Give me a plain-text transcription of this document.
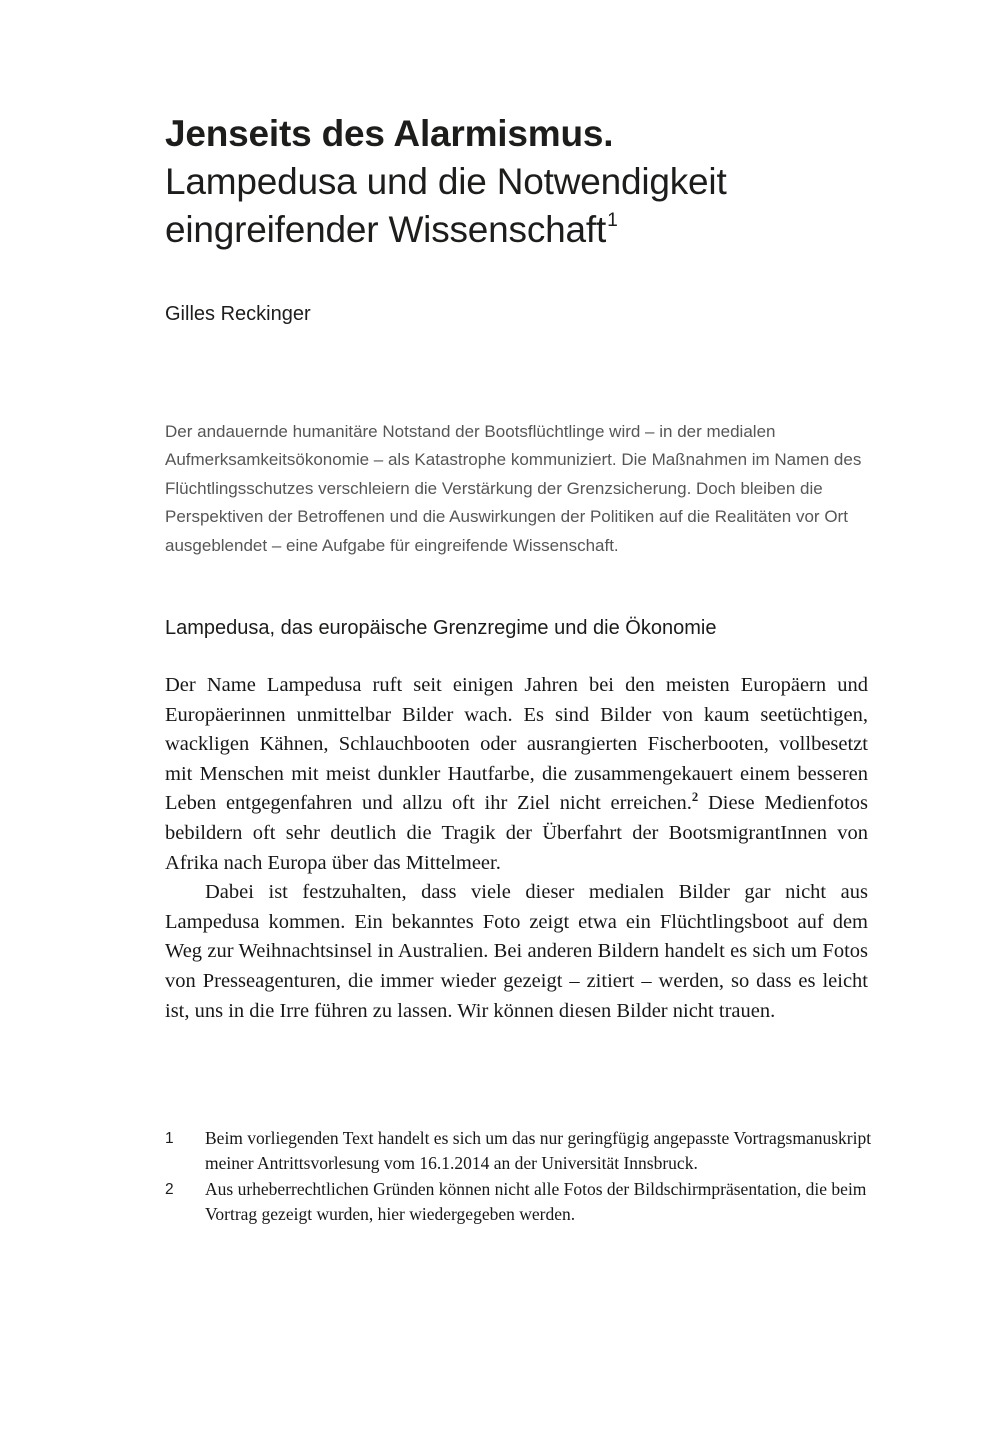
Jenseits des Alarmismus.
Lampedusa und die Notwendigkeit
eingreifender Wissenschaft$^1$
Gilles Reckinger

Der andauernde humanitäre Notstand der Bootsflüchtlinge wird – in der medialen Aufmerksamkeitsökonomie – als Katastrophe kommuniziert. Die Maßnahmen im Namen des Flüchtlingsschutzes verschleiern die Verstärkung der Grenzsicherung. Doch bleiben die Perspektiven der Betroffenen und die Auswirkungen der Politiken auf die Realitäten vor Ort ausgeblendet – eine Aufgabe für eingreifende Wissenschaft.

Lampedusa, das europäische Grenzregime und die Ökonomie

Der Name Lampedusa ruft seit einigen Jahren bei den meisten Europäern und Europäerinnen unmittelbar Bilder wach. Es sind Bilder von kaum seetüchtigen, wackligen Kähnen, Schlauchbooten oder ausrangierten Fischerbooten, vollbesetzt mit Menschen mit meist dunkler Hautfarbe, die zusammengekauert einem besseren Leben entgegenfahren und allzu oft ihr Ziel nicht erreichen.$^2$ Diese Medienfotos bebildern oft sehr deutlich die Tragik der Überfahrt der BootsmigrantInnen von Afrika nach Europa über das Mittelmeer.

Dabei ist festzuhalten, dass viele dieser medialen Bilder gar nicht aus Lampedusa kommen. Ein bekanntes Foto zeigt etwa ein Flüchtlingsboot auf dem Weg zur Weihnachtsinsel in Australien. Bei anderen Bildern handelt es sich um Fotos von Presseagenturen, die immer wieder gezeigt – zitiert – werden, so dass es leicht ist, uns in die Irre führen zu lassen. Wir können diesen Bilder nicht trauen.

1	Beim vorliegenden Text handelt es sich um das nur geringfügig angepasste Vortragsmanuskript meiner Antrittsvorlesung vom 16.1.2014 an der Universität Innsbruck.
2	Aus urheberrechtlichen Gründen können nicht alle Fotos der Bildschirmpräsentation, die beim Vortrag gezeigt wurden, hier wiedergegeben werden.
